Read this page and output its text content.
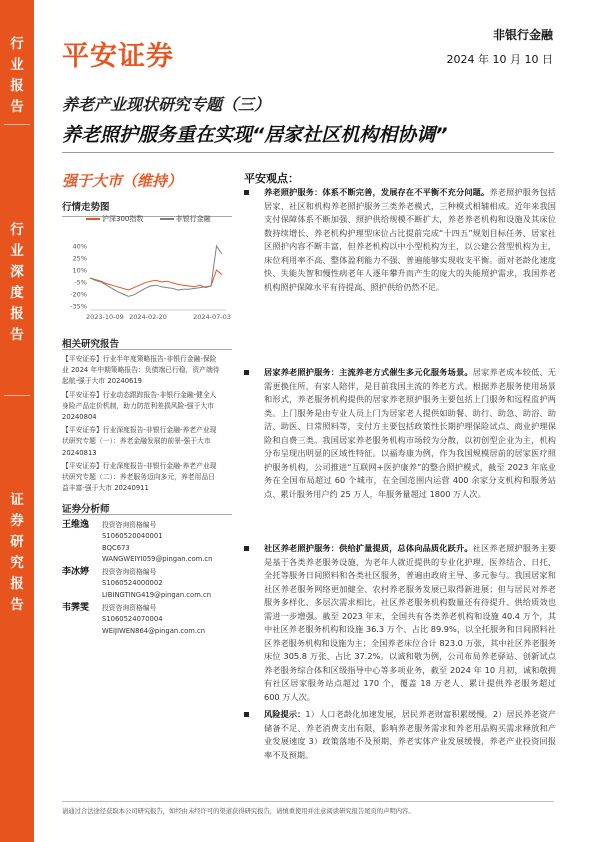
行
业
报
告
行
业
深
度
报
告
证
券
研
究
报
告
平安证券
非银行金融
2024 年 10 月 10 日
养老产业现状研究专题（三）
养老照护服务重在实现“居家社区机构相协调”
强于大市（维持）
行情走势图
沪深300指数	非银行金融
40%
25%
10%
-5%
-20%
-35%
2023-10-09 2024-02-20	2024-07-03
相关研究报告
【平安证券】行业半年度策略报告-非银行金融-保险
业 2024 年中期策略报告：负债端已行稳，资产端待
起航-强于大市 20240619
【平安证券】行业动态跟踪报告-非银行金融-健全人
身险产品定价机制，助力防范利差损风险-强于大市
20240804
【平安证券】行业深度报告-非银行金融-养老产业现
状研究专题（一）：养老金融发展的前景-强于大市
20240813
【平安证券】行业深度报告-非银行金融-养老产业现
状研究专题（二）：养老服务迈向多元，养老用品日
益丰富-强于大市 20240911
证券分析师
王维逸 投资咨询资格编号
S1060520040001
BQC673
WANGWEIYI059@pingan.com.cn
李冰婷 投资咨询资格编号
S1060524000002
LIBINGTING419@pingan.com.cn
韦霁雯 投资咨询资格编号
S1060524070004
WEIJIWEN864@pingan.com.cn
平安观点：
养老照护服务：体系不断完善，发展存在不平衡不充分问题。养老照护服务包括居家、社区和机构养老照护服务三类养老模式，三种模式相辅相成。近年来我国支付保障体系不断加强、照护供给规模不断扩大，养老养老机构和设施及其床位数持续增长、养老机构护理型床位占比提前完成“十四五”规划目标任务、居家社区照护内容不断丰富，但养老机构以中小型机构为主，以公建公营型机构为主，床位利用率不高、整体盈利能力不强、普遍能够实现收支平衡。面对老龄化速度快、失能失智和慢性病老年人逐年攀升而产生的庞大的失能照护需求，我国养老机构照护保障水平有待提高、照护供给仍然不足。
居家养老照护服务：主流养老方式催生多元化服务场景。居家养老成本较低、无需更换住所，有家人陪伴，是目前我国主流的养老方式。根据养老服务使用场景和形式，养老服务机构提供的居家养老照护服务主要包括上门服务和远程监护两类。上门服务是由专业人员上门为居家老人提供如助餐、助行、助急、助浴、助洁、助医、日常照料等，支付方主要包括政策性长期护理保险试点、商业护理保险和自费三类。我国居家养老服务机构市场较为分散，以初创型企业为主，机构分布呈现出明显的区域性特征。以福寿康为例，作为我国规模居前的居家医疗照护服务机构，公司推进“互联网+医护康养”的整合照护模式，截至 2023 年底业务在全国布局超过 60 个城市，在全国范围内运营 400 余家分支机构和服务站点、累计服务用户约 25 万人，年服务量超过 1800 万人次。
社区养老照护服务：供给扩量提质，总体向品质化跃升。社区养老照护服务主要是基于各类养老服务设施，为老年人就近提供的专业化护理、医养结合、日托、全托等服务日间照料和各类社区服务，普遍由政府主导、多元参与。我国居家和社区养老服务网络更加健全、农村养老服务发展已取得新进展；但与居民对养老服务多样化、多层次需求相比，社区养老服务机构数量还有待提升、供给质效也需进一步增强。截至 2023 年末，全国共有各类养老机构和设施 40.4 万个，其中社区养老服务机构和设施 36.3 万个、占比 89.9%，以全托服务和日间照料社区养老服务机构和设施为主；全国养老床位合计 823.0 万张，其中社区养老服务床位 305.8 万张、占比 37.2%。以诚和敬为例，公司布局养老驿站、创新试点养老服务综合体和区级指导中心等多项业务，截至 2024 年 10 月初，诚和敬拥有社区居家服务站点超过 170 个，覆盖 18 万老人、累计提供养老服务超过 600 万人次。
风险提示：1）人口老龄化加速发展，居民养老财富积累缓慢。2）居民养老资产储备不足、养老消费支出有限，影响养老服务需求和养老用品购买需求释放和产业发展速度 3）政策落地不及预期、养老实体产业发展缓慢，养老产业投资回报率不及预期。
请通过合法途径获取本公司研究报告，如经由未经许可的渠道获得研究报告，请慎重使用并注意阅读研究报告尾页的声明内容。
